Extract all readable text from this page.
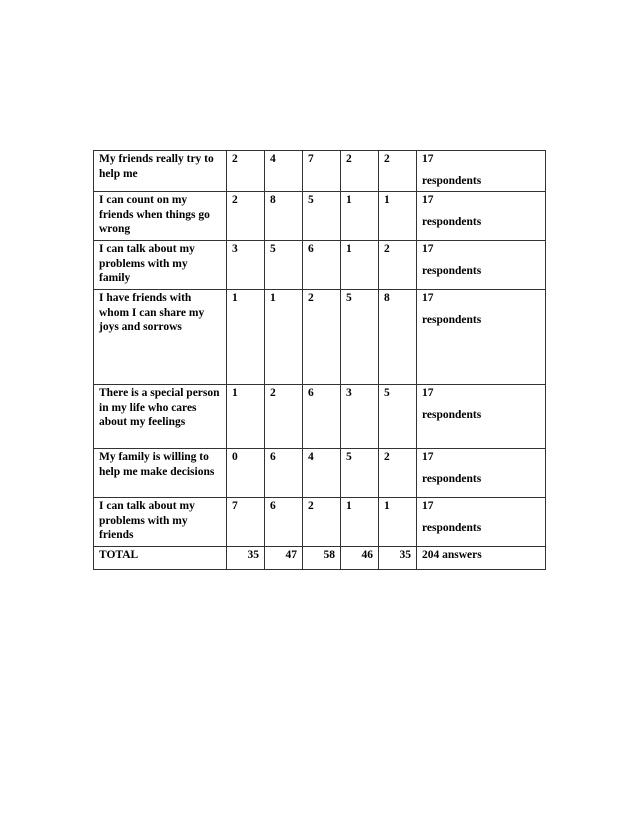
My friends really try to help me	2	4	7	2	2	17
respondents

I can count on my friends when things go wrong	2	8	5	1	1	17
respondents

I can talk about my problems with my family	3	5	6	1	2	17
respondents

I have friends with whom I can share my joys and sorrows	1	1	2	5	8	17
respondents

There is a special person in my life who cares about my feelings	1	2	6	3	5	17
respondents

My family is willing to help me make decisions	0	6	4	5	2	17
respondents

I can talk about my problems with my friends	7	6	2	1	1	17
respondents

TOTAL	35	47	58	46	35	204 answers
